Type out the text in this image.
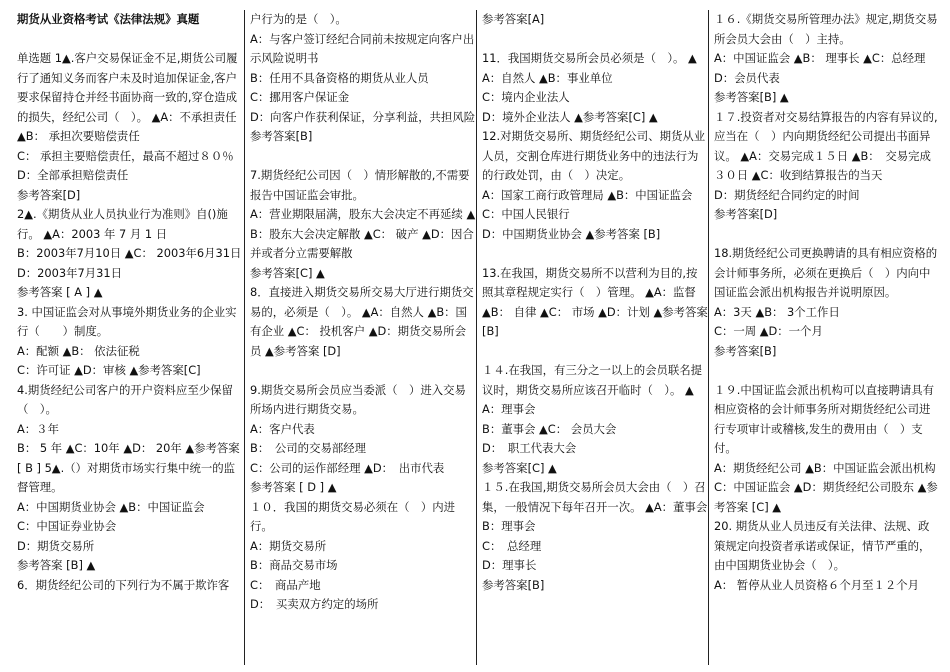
期货从业资格考试《法律法规》真题

单选题 1▲.客户交易保证金不足,期货公司履行了通知义务而客户未及时追加保证金,客户要求保留持仓并经书面协商一致的,穿仓造成的损失，经纪公司（　）。 ▲A：不承担责任 ▲B： 承担次要赔偿责任

C： 承担主要赔偿责任，最高不超过８０％

D：全部承担赔偿责任

参考答案[D]

2▲.《期货从业人员执业行为准则》自()施行。 ▲A：2003 年 7 月 1 日

B：2003年7月10日 ▲C： 2003年6月31日

D：2003年7月31日

参考答案 [ A ] ▲

3. 中国证监会对从事境外期货业务的企业实行（　　）制度。

A：配额 ▲B： 依法征税

C：许可证 ▲D：审核 ▲参考答案[C]

4.期货经纪公司客户的开户资料应至少保留（　）。

A：３年

B： 5 年 ▲C：10年 ▲D： 20年 ▲参考答案 [ B ] 5▲.（）对期货市场实行集中统一的监督管理。

A：中国期货业协会 ▲B：中国证监会

C：中国证券业协会

D：期货交易所

参考答案 [B] ▲

6．期货经纪公司的下列行为不属于欺诈客

户行为的是（　）。

A：与客户签订经纪合同前未按规定向客户出示风险说明书

B：任用不具备资格的期货从业人员

C：挪用客户保证金

D：向客户作获利保证，分享利益，共担风险

参考答案[B]

7.期货经纪公司因（　）情形解散的,不需要报告中国证监会审批。

A：营业期限届满，股东大会决定不再延续 ▲B：股东大会决定解散 ▲C： 破产 ▲D：因合并或者分立需要解散

参考答案[C] ▲

8．直接进入期货交易所交易大厅进行期货交易的，必须是（　）。 ▲A：自然人 ▲B：国有企业 ▲C： 投机客户 ▲D：期货交易所会员 ▲参考答案 [D]

9.期货交易所会员应当委派（　）进入交易所场内进行期货交易。

A：客户代表

B：　公司的交易部经理

C：公司的运作部经理 ▲D：　出市代表

参考答案 [ D ] ▲

１０．我国的期货交易必须在（　）内进行。

A：期货交易所

B：商品交易市场

C：　商品产地

D：　买卖双方约定的场所

参考答案[A]

11．我国期货交易所会员必须是（　）。 ▲A：自然人 ▲B：事业单位

C：境内企业法人

D：境外企业法人 ▲参考答案[C] ▲

12.对期货交易所、期货经纪公司、期货从业人员，交割仓库进行期货业务中的违法行为的行政处罚，由（　）决定。

A：国家工商行政管理局 ▲B：中国证监会

C：中国人民银行

D：中国期货业协会 ▲参考答案 [B]

13.在我国，期货交易所不以营利为目的,按照其章程规定实行（　）管理。 ▲A：监督 ▲B： 自律 ▲C： 市场 ▲D：计划 ▲参考答案[B]

１４.在我国，有三分之一以上的会员联名提议时，期货交易所应该召开临时（　）。 ▲A：理事会

B：董事会 ▲C： 会员大会

D：　职工代表大会

参考答案[C] ▲

１５.在我国,期货交易所会员大会由（　）召集，一般情况下每年召开一次。 ▲A：董事会

B：理事会

C：　总经理

D：理事长

参考答案[B]

１６.《期货交易所管理办法》规定,期货交易所会员大会由（　）主持。

A：中国证监会 ▲B： 理事长 ▲C：总经理

D：会员代表

参考答案[B] ▲

１７.投资者对交易结算报告的内容有异议的,应当在（　）内向期货经纪公司提出书面异议。 ▲A：交易完成１５日 ▲B：　交易完成３０日 ▲C：收到结算报告的当天

D：期货经纪合同约定的时间

参考答案[D]

18.期货经纪公司更换聘请的具有相应资格的会计师事务所，必须在更换后（　）内向中国证监会派出机构报告并说明原因。

A：3天 ▲B： 3个工作日

C：一周 ▲D：一个月

参考答案[B]

１９.中国证监会派出机构可以直接聘请具有相应资格的会计师事务所对期货经纪公司进行专项审计或稽核,发生的费用由（　）支付。

A：期货经纪公司 ▲B：中国证监会派出机构

C：中国证监会 ▲D：期货经纪公司股东 ▲参考答案 [C] ▲

20. 期货从业人员违反有关法律、法规、政策规定向投资者承诺或保证，情节严重的，由中国期货业协会（　）。

A： 暂停从业人员资格６个月至１２个月
